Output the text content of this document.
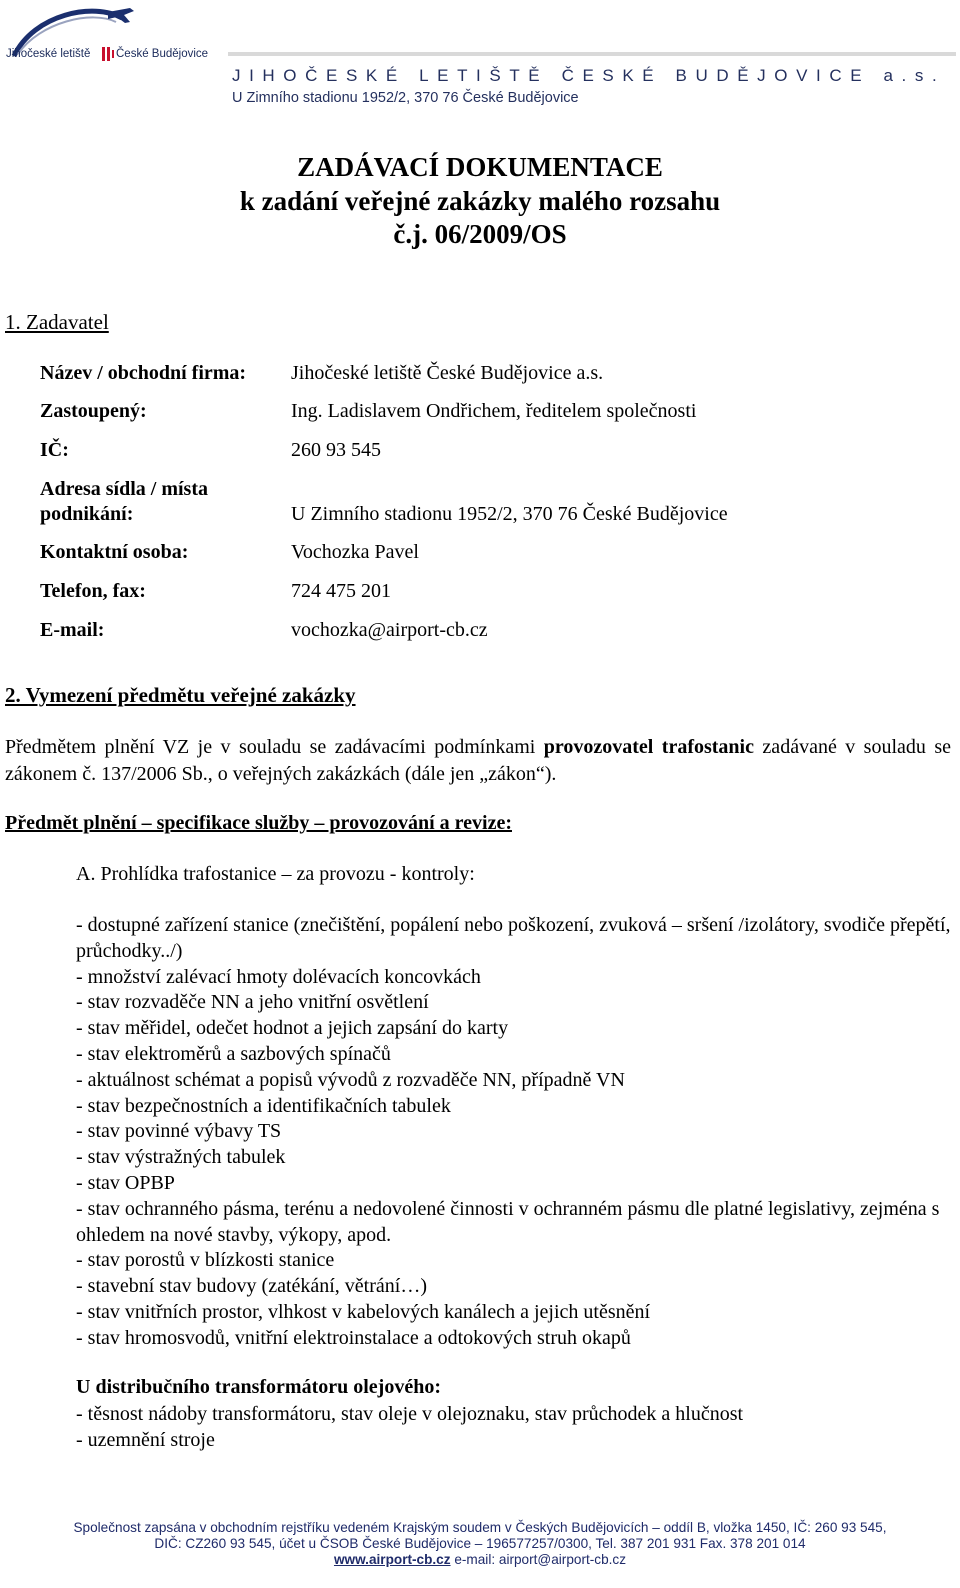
Jihočeské letiště České Budějovice
JIHOČESKÉ LETIŠTĚ ČESKÉ BUDĚJOVICE a.s.
U Zimního stadionu 1952/2, 370 76 České Budějovice
ZADÁVACÍ DOKUMENTACE
k zadání veřejné zakázky malého rozsahu
č.j. 06/2009/OS
1. Zadavatel
Název / obchodní firma: Jihočeské letiště České Budějovice a.s.
Zastoupený:	Ing. Ladislavem Ondřichem, ředitelem společnosti
IČ:	260 93 545
Adresa sídla / místa
podnikání:	U Zimního stadionu 1952/2, 370 76 České Budějovice
Kontaktní osoba:	Vochozka Pavel
Telefon, fax:	724 475 201
E-mail:	vochozka@airport-cb.cz
2. Vymezení předmětu veřejné zakázky
Předmětem plnění VZ je v souladu se zadávacími podmínkami provozovatel trafostanic zadávané v souladu se zákonem č. 137/2006 Sb., o veřejných zakázkách (dále jen „zákon“).
Předmět plnění – specifikace služby – provozování a revize:
A. Prohlídka trafostanice – za provozu - kontroly:
- dostupné zařízení stanice (znečištění, popálení nebo poškození, zvuková – sršení /izolátory, svodiče přepětí, průchodky../)
- množství zalévací hmoty dolévacích koncovkách
- stav rozvaděče NN a jeho vnitřní osvětlení
- stav měřidel, odečet hodnot a jejich zapsání do karty
- stav elektroměrů a sazbových spínačů
- aktuálnost schémat a popisů vývodů z rozvaděče NN, případně VN
- stav bezpečnostních a identifikačních tabulek
- stav povinné výbavy TS
- stav výstražných tabulek
- stav OPBP
- stav ochranného pásma, terénu a nedovolené činnosti v ochranném pásmu dle platné legislativy, zejména s ohledem na nové stavby, výkopy, apod.
- stav porostů v blízkosti stanice
- stavební stav budovy (zatékání, větrání…)
- stav vnitřních prostor, vlhkost v kabelových kanálech a jejich utěsnění
- stav hromosvodů, vnitřní elektroinstalace a odtokových struh okapů
U distribučního transformátoru olejového:
- těsnost nádoby transformátoru, stav oleje v olejoznaku, stav průchodek a hlučnost
- uzemnění stroje
Společnost zapsána v obchodním rejstříku vedeném Krajským soudem v Českých Budějovicích – oddíl B, vložka 1450, IČ: 260 93 545,
DIČ: CZ260 93 545, účet u ČSOB České Budějovice – 196577257/0300, Tel. 387 201 931 Fax. 378 201 014
www.airport-cb.cz e-mail: airport@airport-cb.cz
